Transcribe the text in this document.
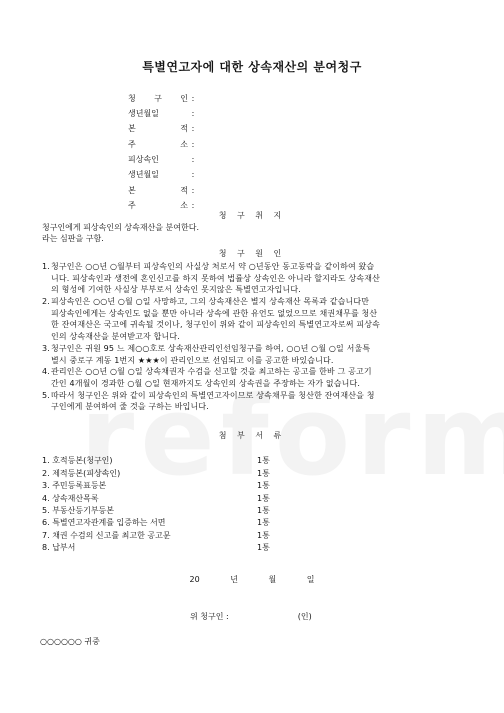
특별연고자에 대한 상속재산의 분여청구
청 구 인 :
생년월일	:
본 적 :
주 소 :
피상속인	:
생년월일	:
본 적 :
주 소 :
청 구 취 지
청구인에게 피상속인의 상속재산을 분여한다.
라는 심판을 구함.
청 구 원 인
1. 청구인은 ○○년 ○월부터 피상속인의 사실상 처로서 약 ○년동안 동고동락을 같이하여 왔습
니다. 피상속인과 생전에 혼인신고를 하지 못하여 법률상 상속인은 아니라 할지라도 상속재산
의 형성에 기여한 사실상 부부로서 상속인 못지않은 특별연고자입니다.
2. 피상속인은 ○○년 ○월 ○일 사망하고, 그의 상속재산은 별지 상속재산 목록과 같습니다만
피상속인에게는 상속인도 없을 뿐만 아니라 상속에 관한 유언도 없었으므로 채권채무를 청산
한 잔여재산은 국고에 귀속될 것이나, 청구인이 위와 같이 피상속인의 특별연고자로써 피상속
인의 상속재산을 분여받고자 합니다.
3. 청구인은 귀원 95 느 제○○호로 상속재산관리인선임청구를 하여, ○○년 ○월 ○일 서울특
별시 중로구 계동 1번지 ★★★이 관리인으로 선임되고 이를 공고한 바있습니다.
4. 관리인은 ○○년 ○월 ○일 상속채권자 수검을 신고할 것을 최고하는 공고를 한바 그 공고기
간인 4개월이 경과한 ○월 ○일 현재까지도 상속인의 상속권을 주장하는 자가 없습니다.
5. 따라서 청구인은 위와 같이 피상속인의 특별연고자이므로 상속채무를 청산한 잔여재산을 청
구인에게 분여하여 줄 것을 구하는 바입니다.
첨 부 서 류
1. 호적등본(청구인)	1통
2. 제적등본(피상속인)	1통
3. 주민등록표등본	1통
4. 상속재산목록	1통
5. 부동산등기부등본	1통
6. 특별연고자관계를 입증하는 서면	1통
7. 채권 수검의 신고를 최고한 공고문	1통
8. 납부서	1통
20	년	월	일
위 청구인 :	(인)
○○○○○○ 귀중
